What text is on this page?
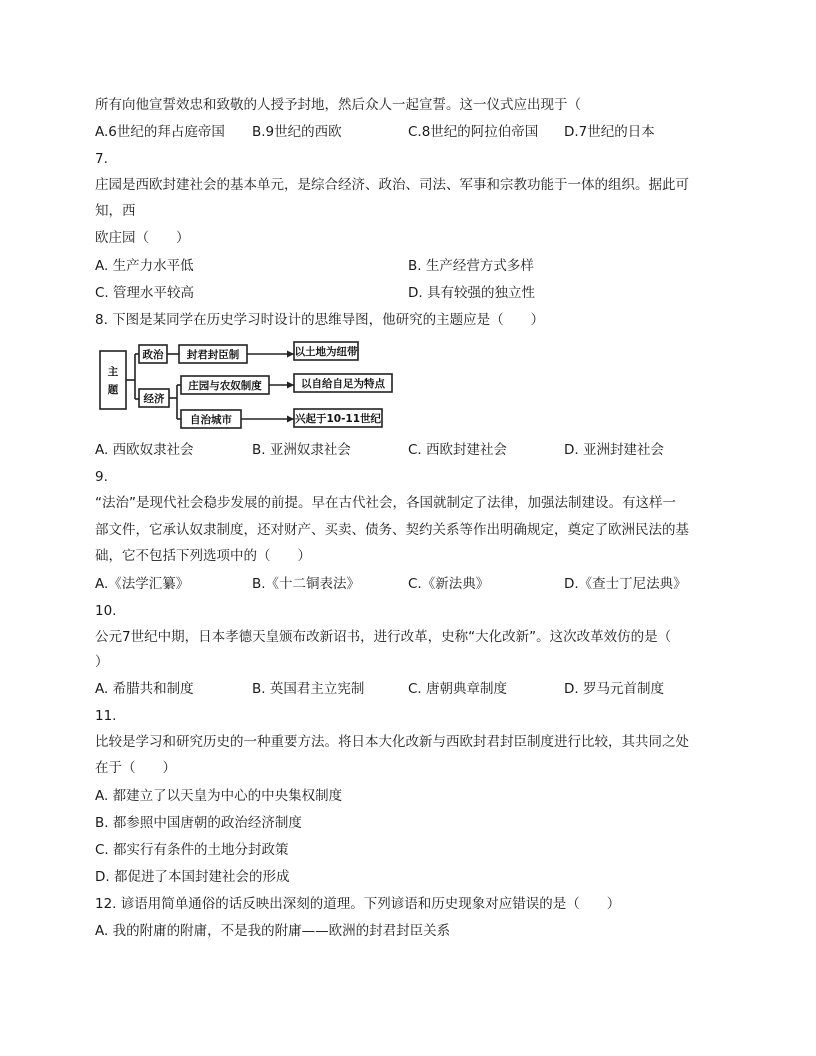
所有向他宣誓效忠和致敬的人授予封地，然后众人一起宣誓。这一仪式应出现于（
A.6世纪的拜占庭帝国 B.9世纪的西欧	C.8世纪的阿拉伯帝国 D.7世纪的日本
7.
庄园是西欧封建社会的基本单元，是综合经济、政治、司法、军事和宗教功能于一体的组织。据此可
知，西
欧庄园（　　）
A. 生产力水平低	B. 生产经营方式多样
C. 管理水平较高	D. 具有较强的独立性
8. 下图是某同学在历史学习时设计的思维导图，他研究的主题应是（　　）
主
题
政治
经济
封君封臣制	以土地为纽带
庄园与农奴制度	以自给自足为特点
自治城市	兴起于10-11世纪
A. 西欧奴隶社会	B. 亚洲奴隶社会	C. 西欧封建社会	D. 亚洲封建社会
9.
“法治”是现代社会稳步发展的前提。早在古代社会，各国就制定了法律，加强法制建设。有这样一
部文件，它承认奴隶制度，还对财产、买卖、债务、契约关系等作出明确规定，奠定了欧洲民法的基
础，它不包括下列选项中的（　　）
A.《法学汇纂》	B.《十二铜表法》	C.《新法典》	D.《查士丁尼法典》
10.
公元7世纪中期，日本孝德天皇颁布改新诏书，进行改革，史称“大化改新”。这次改革效仿的是（
）
A. 希腊共和制度	B. 英国君主立宪制	C. 唐朝典章制度	D. 罗马元首制度
11.
比较是学习和研究历史的一种重要方法。将日本大化改新与西欧封君封臣制度进行比较，其共同之处
在于（　　）
A. 都建立了以天皇为中心的中央集权制度
B. 都参照中国唐朝的政治经济制度
C. 都实行有条件的土地分封政策
D. 都促进了本国封建社会的形成
12. 谚语用简单通俗的话反映出深刻的道理。下列谚语和历史现象对应错误的是（　　）
A. 我的附庸的附庸，不是我的附庸——欧洲的封君封臣关系
